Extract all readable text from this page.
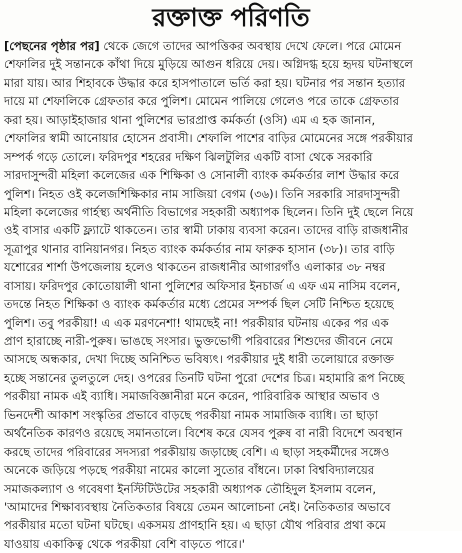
রক্তাক্ত পরিণতি
[পেছনের পৃষ্ঠার পর] থেকে জেগে তাদের আপত্তিকর অবস্থায় দেখে ফেলে। পরে মোমেন
শেফালির দুই সন্তানকে কাঁথা দিয়ে মুড়িয়ে আগুন ধরিয়ে দেয়। অগ্নিদগ্ধ হয়ে হৃদয় ঘটনাস্থলে
মারা যায়। আর শিহাবকে উদ্ধার করে হাসপাতালে ভর্তি করা হয়। ঘটনার পর সন্তান হত্যার
দায়ে মা শেফালিকে গ্রেফতার করে পুলিশ। মোমেন পালিয়ে গেলেও পরে তাকে গ্রেফতার
করা হয়। আড়াইহাজার থানা পুলিশের ভারপ্রাপ্ত কর্মকর্তা (ওসি) এম এ হক জানান,
শেফালির স্বামী আনোয়ার হোসেন প্রবাসী। শেফালি পাশের বাড়ির মোমেনের সঙ্গে পরকীয়ার
সম্পর্ক গড়ে তোলে। ফরিদপুর শহরের দক্ষিণ ঝিলটুলির একটি বাসা থেকে সরকারি
সারদাসুন্দরী মহিলা কলেজের এক শিক্ষিকা ও সোনালী ব্যাংক কর্মকর্তার লাশ উদ্ধার করে
পুলিশ। নিহত ওই কলেজশিক্ষিকার নাম সাজিয়া বেগম (৩৬)। তিনি সরকারি সারদাসুন্দরী
মহিলা কলেজের গার্হস্থ্য অর্থনীতি বিভাগের সহকারী অধ্যাপক ছিলেন। তিনি দুই ছেলে নিয়ে
ওই বাসার একটি ফ্ল্যাটে থাকতেন। তার স্বামী ঢাকায় ব্যবসা করেন। তাদের বাড়ি রাজধানীর
সূত্রাপুর থানার বানিয়ানগর। নিহত ব্যাংক কর্মকর্তার নাম ফারুক হাসান (৩৮)। তার বাড়ি
যশোরের শার্শা উপজেলায় হলেও থাকতেন রাজধানীর আগারগাঁও এলাকার ৩৮ নম্বর
বাসায়। ফরিদপুর কোতোয়ালী থানা পুলিশের অফিসার ইনচার্জ এ এফ এম নাসিম বলেন,
তদন্তে নিহত শিক্ষিকা ও ব্যাংক কর্মকর্তার মধ্যে প্রেমের সম্পর্ক ছিল সেটি নিশ্চিত হয়েছে
পুলিশ। তবু পরকীয়া! এ এক মরণনেশা! থামছেই না! পরকীয়ার ঘটনায় একের পর এক
প্রাণ হারাচ্ছে নারী-পুরুষ। ভাঙছে সংসার। ভুক্তভোগী পরিবারের শিশুদের জীবনে নেমে
আসছে অন্ধকার, দেখা দিচ্ছে অনিশ্চিত ভবিষ্যৎ। পরকীয়ার দুই ধারী তলোয়ারে রক্তাক্ত
হচ্ছে সন্তানের তুলতুলে দেহ। ওপরের তিনটি ঘটনা পুরো দেশের চিত্র। মহামারি রূপ নিচ্ছে
পরকীয়া নামক এই ব্যাধি। সমাজবিজ্ঞানীরা মনে করেন, পারিবারিক আস্থার অভাব ও
ভিনদেশী আকাশ সংস্কৃতির প্রভাবে বাড়ছে পরকীয়া নামক সামাজিক ব্যাধি। তা ছাড়া
অর্থনৈতিক কারণও রয়েছে সমানতালে। বিশেষ করে যেসব পুরুষ বা নারী বিদেশে অবস্থান
করছে তাদের পরিবারের সদস্যরা পরকীয়ায় জড়াচ্ছে বেশি। এ ছাড়া সহকর্মীদের সঙ্গেও
অনেকে জড়িয়ে পড়ছে পরকীয়া নামের কালো সুতোর বাঁধনে। ঢাকা বিশ্ববিদ্যালয়ের
সমাজকল্যাণ ও গবেষণা ইনস্টিটিউটের সহকারী অধ্যাপক তৌহিদুল ইসলাম বলেন,
'আমাদের শিক্ষাব্যবস্থায় নৈতিকতার বিষয়ে তেমন আলোচনা নেই। নৈতিকতার অভাবে
পরকীয়ার মতো ঘটনা ঘটছে। একসময় প্রাণহানি হয়। এ ছাড়া যৌথ পরিবার প্রথা কমে
যাওয়ায় একাকিত্ব থেকে পরকীয়া বেশি বাড়তে পারে।'
